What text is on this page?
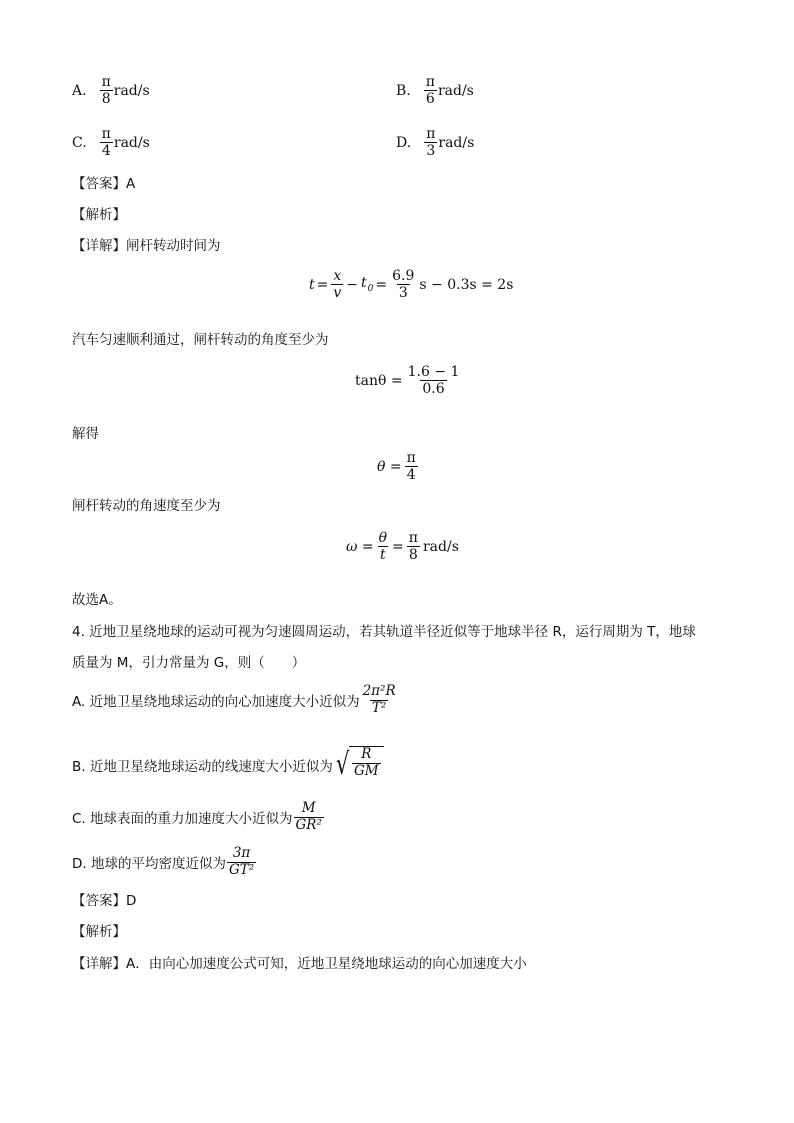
A. $\frac{\pi}{8} rad/s$	B. $\frac{\pi}{6} rad/s$
C. $\frac{\pi}{4} rad/s$	D. $\frac{\pi}{3} rad/s$
【答案】A
【解析】
【详解】闸杆转动时间为
$t = \frac{x}{v} - t_0 = \frac{6.9}{3}$ s − 0.3s = 2s
汽车匀速顺利通过，闸杆转动的角度至少为
$\tan\theta = \frac{1.6 - 1}{0.6}$
解得
$\theta = \frac{\pi}{4}$
闸杆转动的角速度至少为
$\omega = \frac{\theta}{t} = \frac{\pi}{8} rad/s$
故选A。
4. 近地卫星绕地球的运动可视为匀速圆周运动，若其轨道半径近似等于地球半径 R，运行周期为 T，地球
质量为 M，引力常量为 G，则（　　）
A. 近地卫星绕地球运动的向心加速度大小近似为 $\frac{\text{2π²R}}{\text{T²}}$
B. 近地卫星绕地球运动的线速度大小近似为 √ $\frac{R}{GM}$
C. 地球表面的重力加速度大小近似为 $\frac{M}{\text{GR²}}$
D. 地球的平均密度近似为 $\frac{3\pi}{\text{GT²}}$
【答案】D
【解析】
【详解】A．由向心加速度公式可知，近地卫星绕地球运动的向心加速度大小
